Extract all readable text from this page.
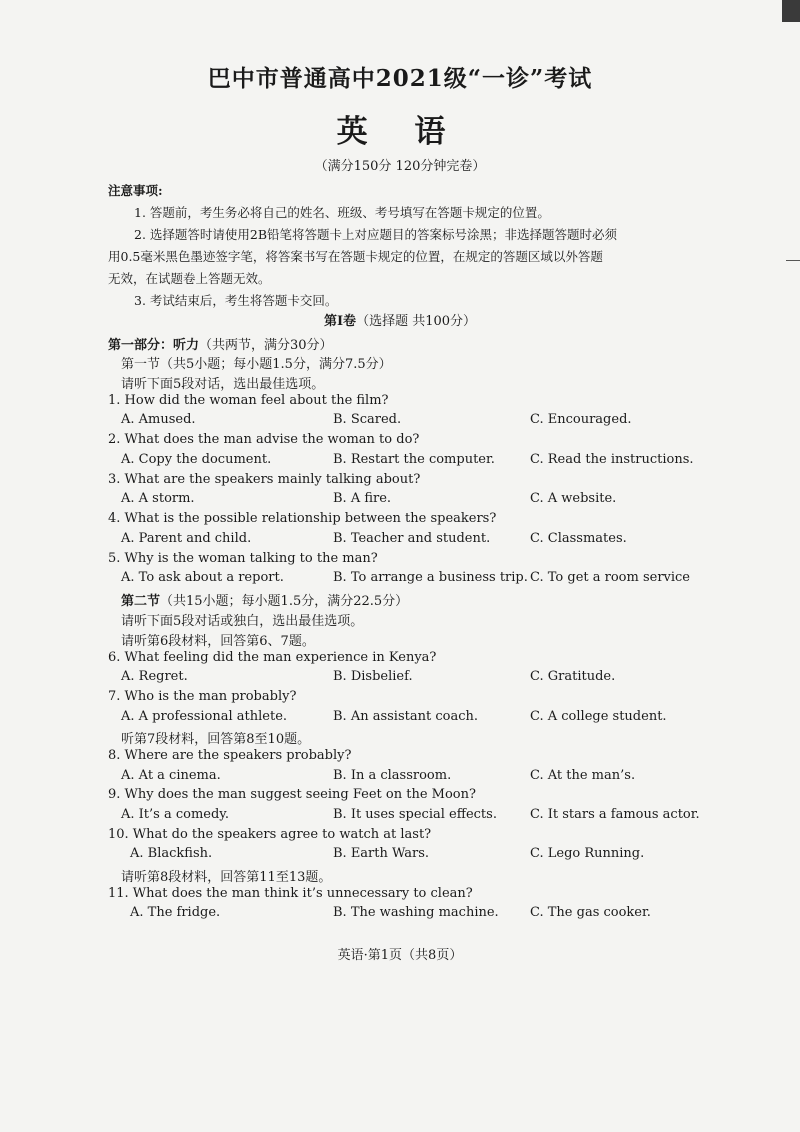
巴中市普通高中2021级“一诊”考试
英 语
（满分150分 120分钟完卷）
注意事项:
1. 答题前，考生务必将自己的姓名、班级、考号填写在答题卡规定的位置。
2. 选择题答时请使用2B铅笔将答题卡上对应题目的答案标号涂黑；非选择题答题时必须
用0.5毫米黑色墨迹签字笔，将答案书写在答题卡规定的位置，在规定的答题区域以外答题
无效，在试题卷上答题无效。
3. 考试结束后，考生将答题卡交回。
第Ⅰ卷（选择题 共100分）
第一部分：听力（共两节，满分30分）
第一节（共5小题；每小题1.5分，满分7.5分）
请听下面5段对话，选出最佳选项。
1. How did the woman feel about the film?
A. Amused.	B. Scared.	C. Encouraged.
2. What does the man advise the woman to do?
A. Copy the document.	B. Restart the computer.	C. Read the instructions.
3. What are the speakers mainly talking about?
A. A storm.	B. A fire.	C. A website.
4. What is the possible relationship between the speakers?
A. Parent and child.	B. Teacher and student.	C. Classmates.
5. Why is the woman talking to the man?
A. To ask about a report.	B. To arrange a business trip. C. To get a room service
第二节（共15小题；每小题1.5分，满分22.5分）
请听下面5段对话或独白，选出最佳选项。
请听第6段材料，回答第6、7题。
6. What feeling did the man experience in Kenya?
A. Regret.	B. Disbelief.	C. Gratitude.
7. Who is the man probably?
A. A professional athlete.	B. An assistant coach.	C. A college student.
听第7段材料，回答第8至10题。
8. Where are the speakers probably?
A. At a cinema.	B. In a classroom.	C. At the man’s.
9. Why does the man suggest seeing Feet on the Moon?
A. It’s a comedy.	B. It uses special effects.	C. It stars a famous actor.
10. What do the speakers agree to watch at last?
A. Blackfish.	B. Earth Wars.	C. Lego Running.
请听第8段材料，回答第11至13题。
11. What does the man think it’s unnecessary to clean?
A. The fridge.	B. The washing machine. C. The gas cooker.
英语·第1页（共8页）
